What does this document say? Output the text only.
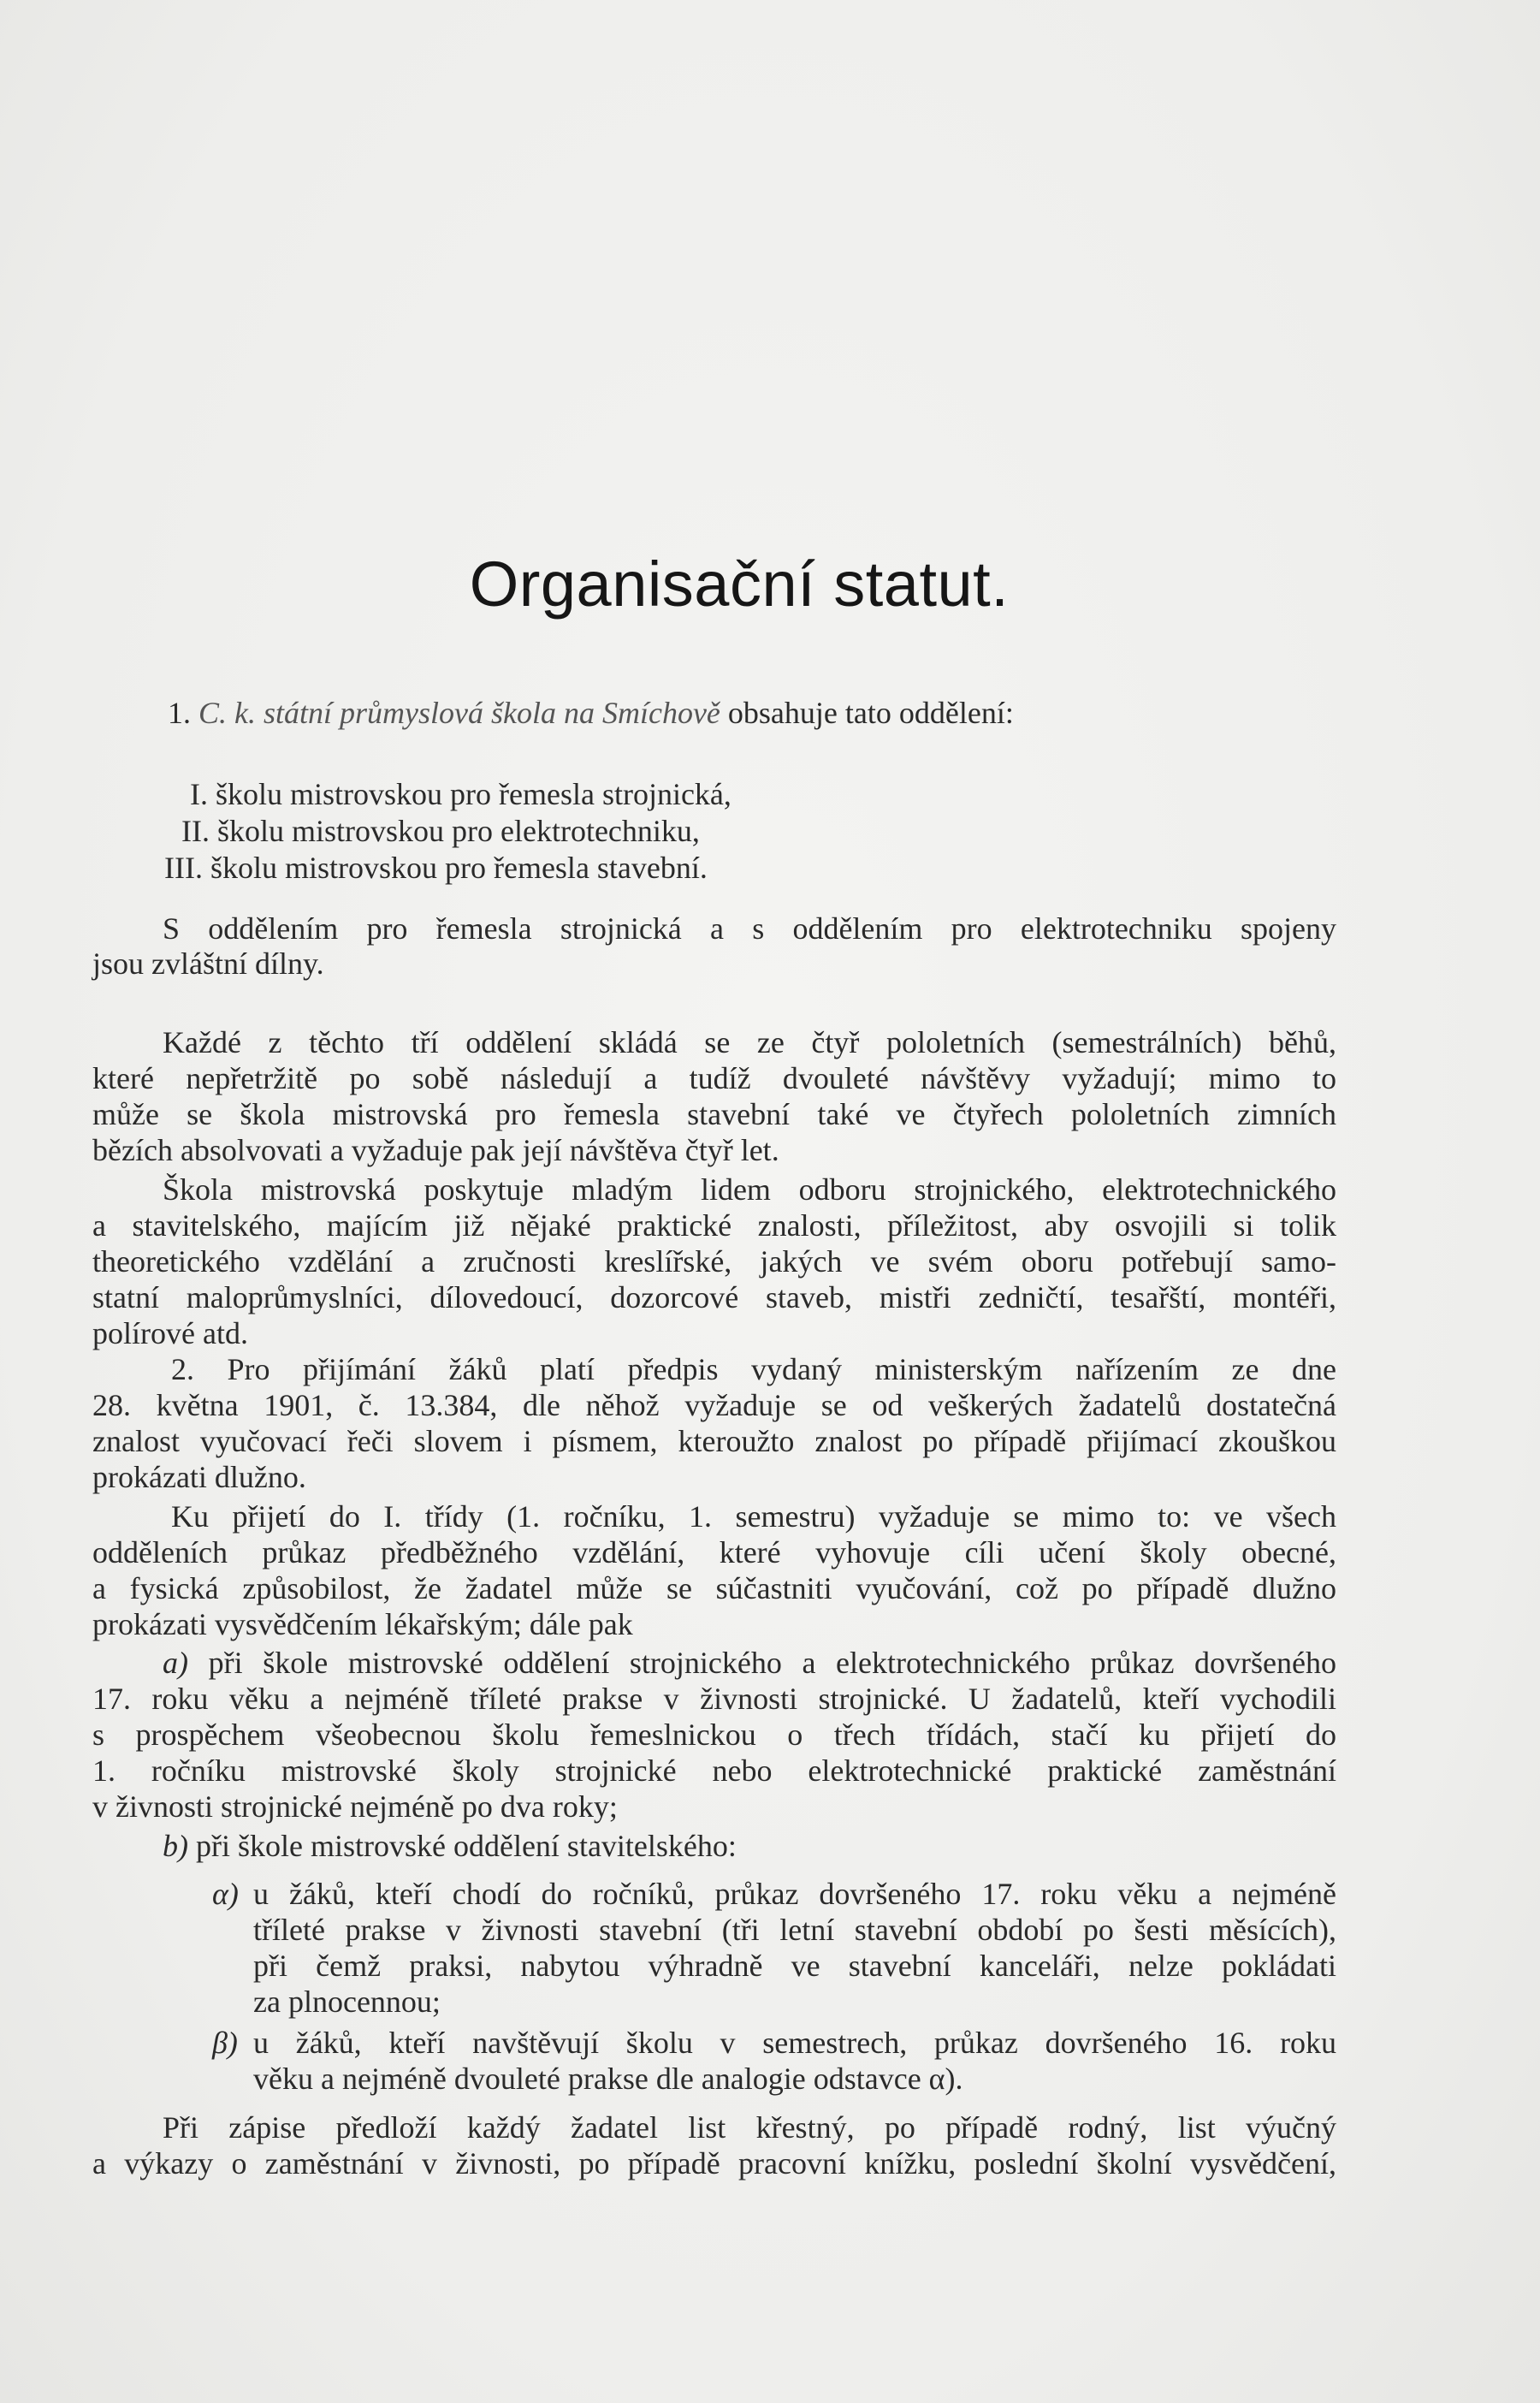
Organisační statut.

1. C. k. státní průmyslová škola na Smíchově obsahuje tato oddělení:

I. školu mistrovskou pro řemesla strojnická,

II. školu mistrovskou pro elektrotechniku,

III. školu mistrovskou pro řemesla stavební.

S oddělením pro řemesla strojnická a s oddělením pro elektrotechniku spojeny

jsou zvláštní dílny.

Každé z těchto tří oddělení skládá se ze čtyř pololetních (semestrálních) běhů,

které nepřetržitě po sobě následují a tudíž dvouleté návštěvy vyžadují; mimo to

může se škola mistrovská pro řemesla stavební také ve čtyřech pololetních zimních

bězích absolvovati a vyžaduje pak její návštěva čtyř let.

Škola mistrovská poskytuje mladým lidem odboru strojnického, elektrotechnického

a stavitelského, majícím již nějaké praktické znalosti, příležitost, aby osvojili si tolik

theoretického vzdělání a zručnosti kreslířské, jakých ve svém oboru potřebují samo-

statní maloprůmyslníci, dílovedoucí, dozorcové staveb, mistři zedničtí, tesařští, montéři,

polírové atd.

2. Pro přijímání žáků platí předpis vydaný ministerským nařízením ze dne

28. května 1901, č. 13.384, dle něhož vyžaduje se od veškerých žadatelů dostatečná

znalost vyučovací řeči slovem i písmem, kteroužto znalost po případě přijímací zkouškou

prokázati dlužno.

Ku přijetí do I. třídy (1. ročníku, 1. semestru) vyžaduje se mimo to: ve všech

odděleních průkaz předběžného vzdělání, které vyhovuje cíli učení školy obecné,

a fysická způsobilost, že žadatel může se súčastniti vyučování, což po případě dlužno

prokázati vysvědčením lékařským; dále pak

a) při škole mistrovské oddělení strojnického a elektrotechnického průkaz dovršeného

17. roku věku a nejméně tříleté prakse v živnosti strojnické. U žadatelů, kteří vychodili

s prospěchem všeobecnou školu řemeslnickou o třech třídách, stačí ku přijetí do

1. ročníku mistrovské školy strojnické nebo elektrotechnické praktické zaměstnání

v živnosti strojnické nejméně po dva roky;

b) při škole mistrovské oddělení stavitelského:

α) u žáků, kteří chodí do ročníků, průkaz dovršeného 17. roku věku a nejméně

tříleté prakse v živnosti stavební (tři letní stavební období po šesti měsících),

při čemž praksi, nabytou výhradně ve stavební kanceláři, nelze pokládati

za plnocennou;

β) u žáků, kteří navštěvují školu v semestrech, průkaz dovršeného 16. roku

věku a nejméně dvouleté prakse dle analogie odstavce α).

Při zápise předloží každý žadatel list křestný, po případě rodný, list výučný

a výkazy o zaměstnání v živnosti, po případě pracovní knížku, poslední školní vysvědčení,
